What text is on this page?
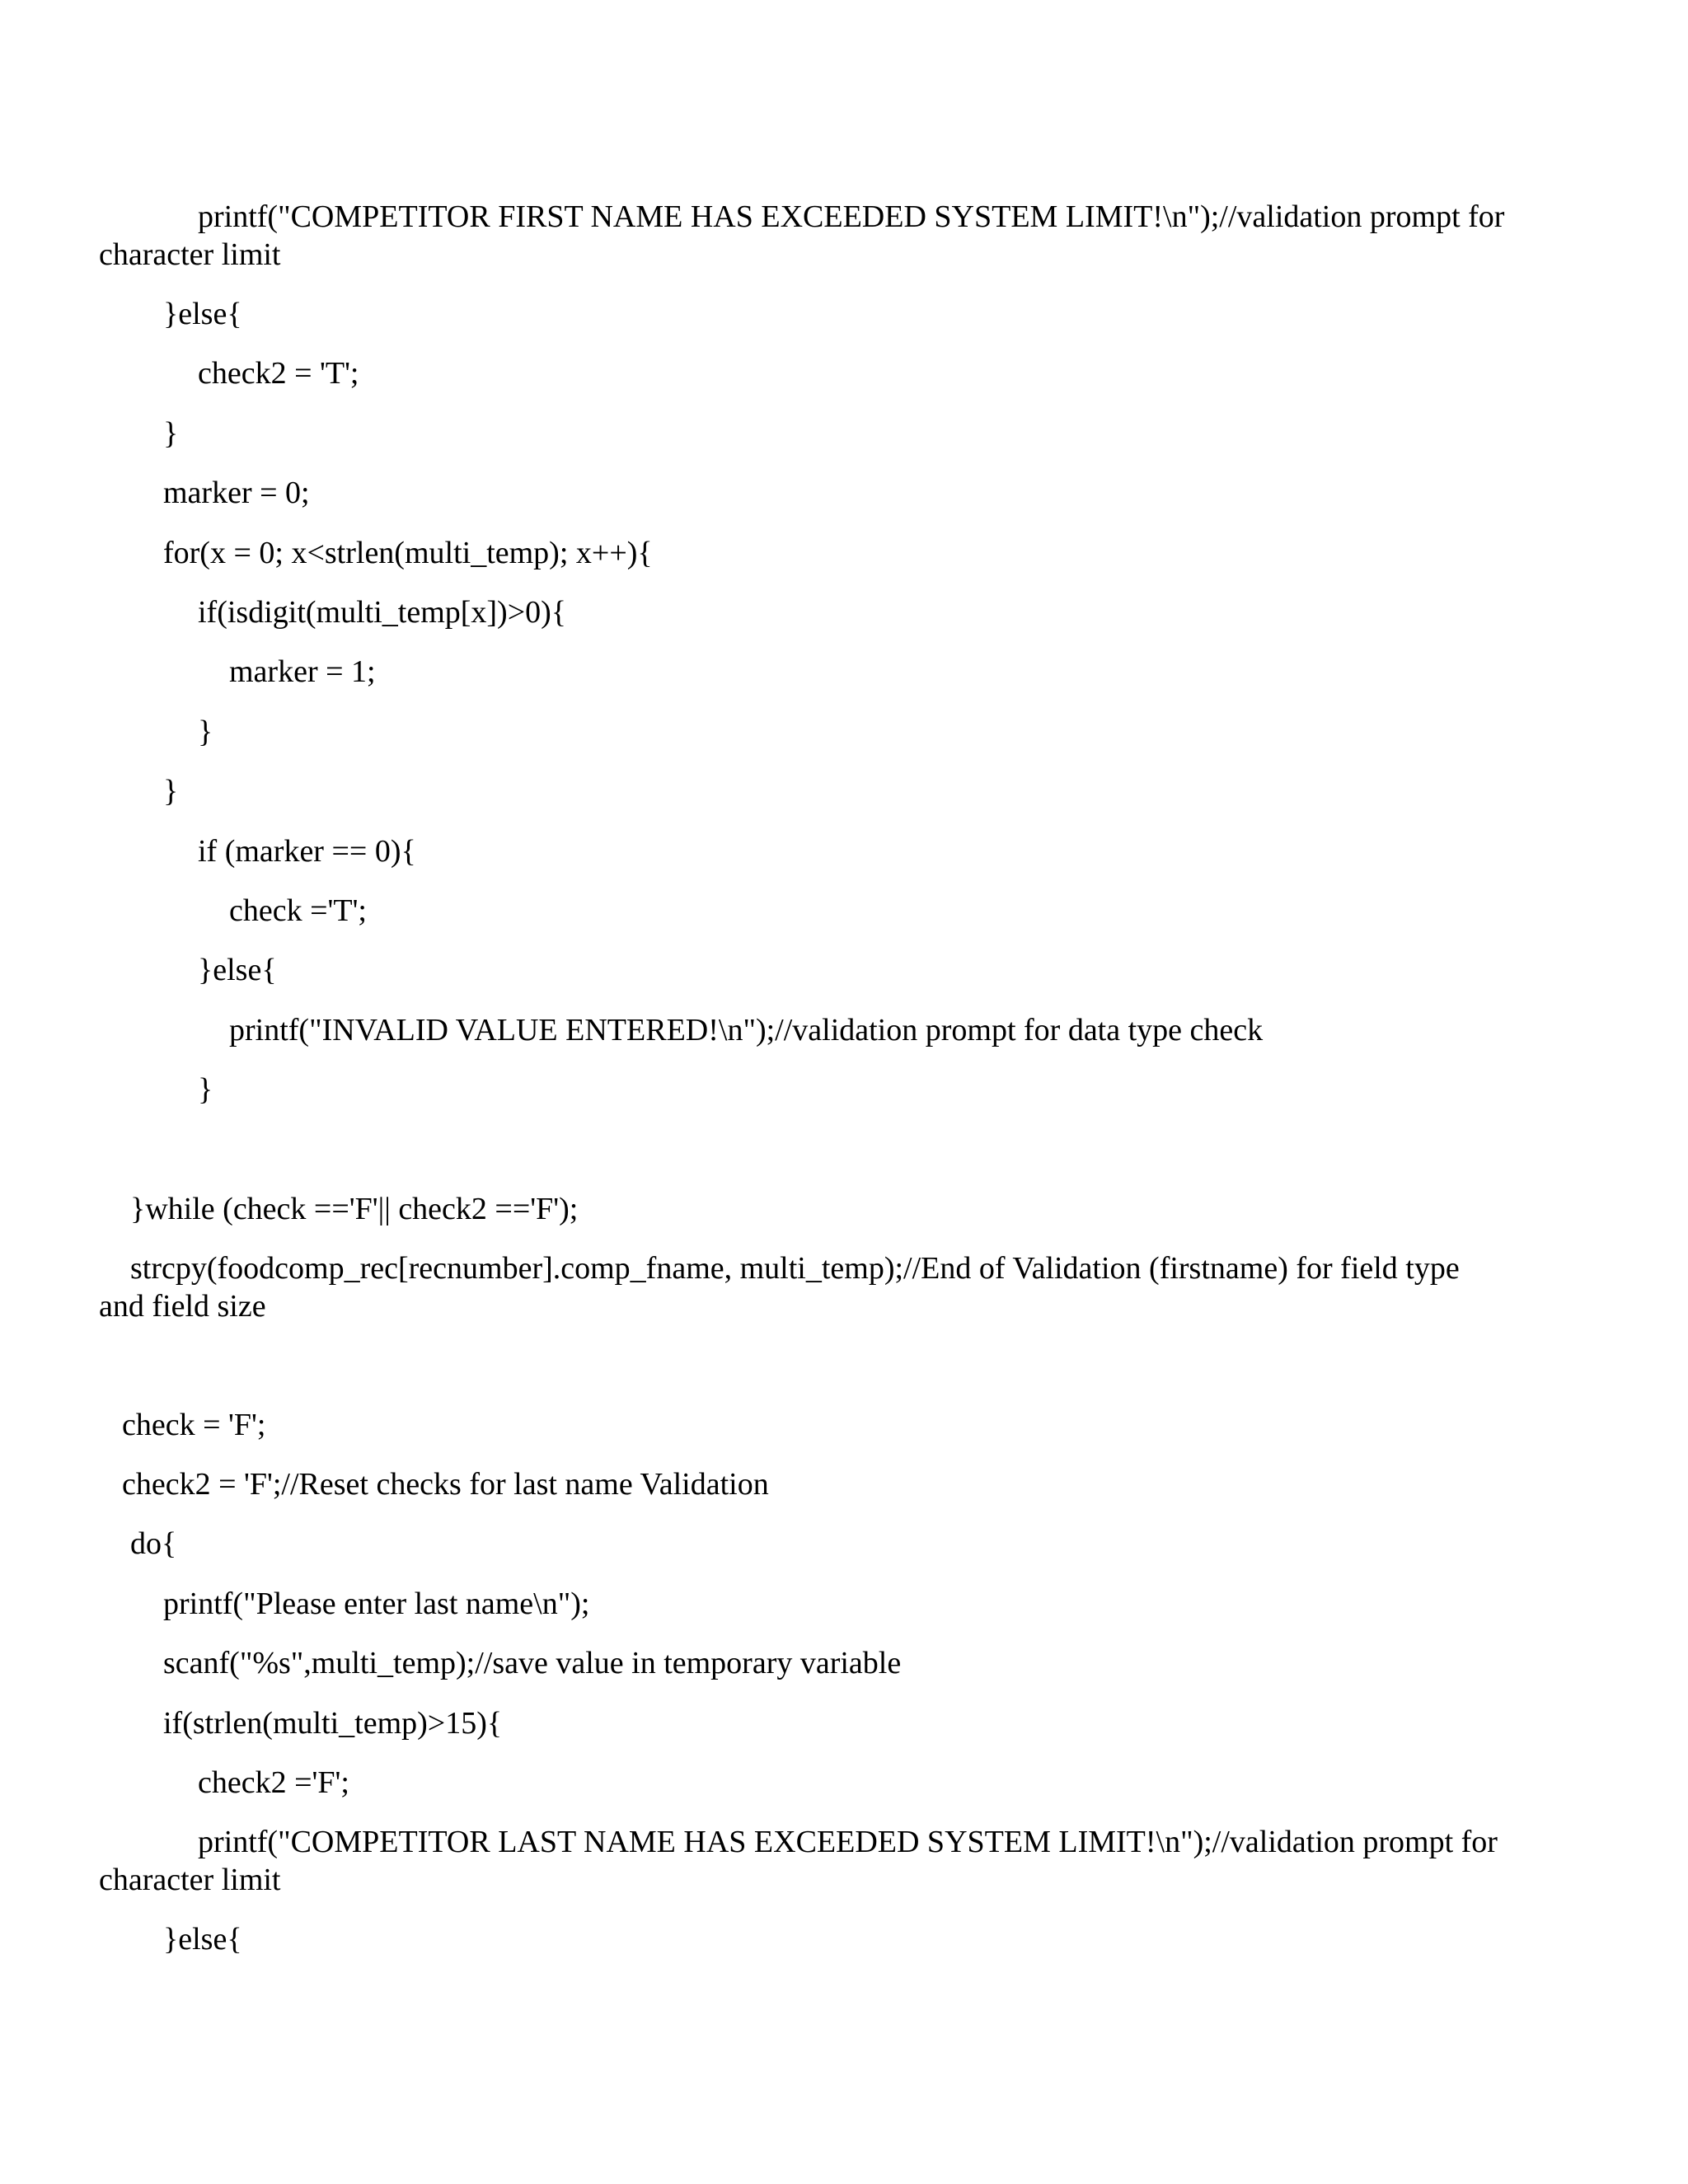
printf("COMPETITOR FIRST NAME HAS EXCEEDED SYSTEM LIMIT!\n");//validation prompt for
character limit
}else{
check2 = 'T';
}
marker = 0;
for(x = 0; x<strlen(multi_temp); x++){
if(isdigit(multi_temp[x])>0){
marker = 1;
}
}
if (marker == 0){
check ='T';
}else{
printf("INVALID VALUE ENTERED!\n");//validation prompt for data type check
}
}while (check =='F'|| check2 =='F');
strcpy(foodcomp_rec[recnumber].comp_fname, multi_temp);//End of Validation (firstname) for field type
and field size
check = 'F';
check2 = 'F';//Reset checks for last name Validation
do{
printf("Please enter last name\n");
scanf("%s",multi_temp);//save value in temporary variable
if(strlen(multi_temp)>15){
check2 ='F';
printf("COMPETITOR LAST NAME HAS EXCEEDED SYSTEM LIMIT!\n");//validation prompt for
character limit
}else{
